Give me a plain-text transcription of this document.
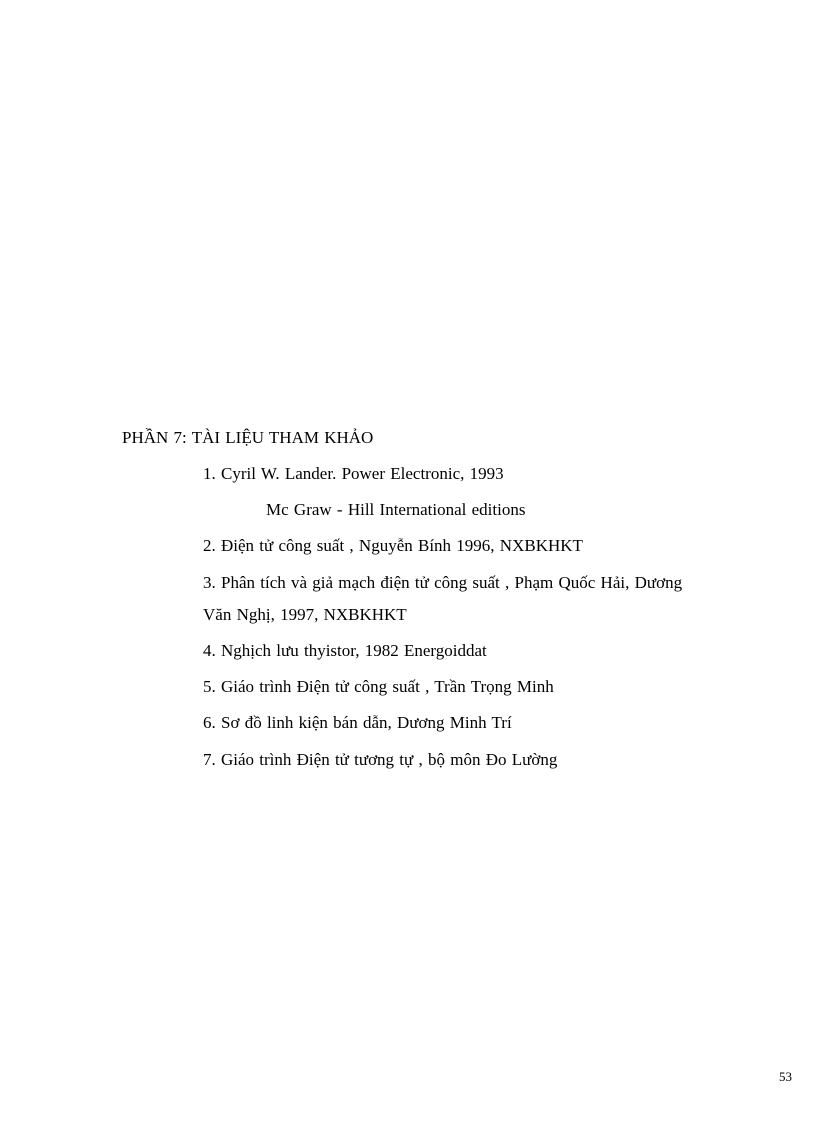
PHẦN 7: TÀI LIỆU THAM KHẢO
1. Cyril W. Lander. Power Electronic, 1993
Mc Graw - Hill International editions
2. Điện tử công suất , Nguyễn Bính 1996, NXBKHKT
3. Phân tích và giả mạch điện tử công suất , Phạm Quốc Hải, Dương
Văn Nghị, 1997, NXBKHKT
4. Nghịch lưu thyistor, 1982 Energoiddat
5. Giáo trình Điện tử công suất , Trần Trọng Minh
6. Sơ đồ linh kiện bán dẫn, Dương Minh Trí
7. Giáo trình Điện tử tương tự , bộ môn Đo Lường
53
